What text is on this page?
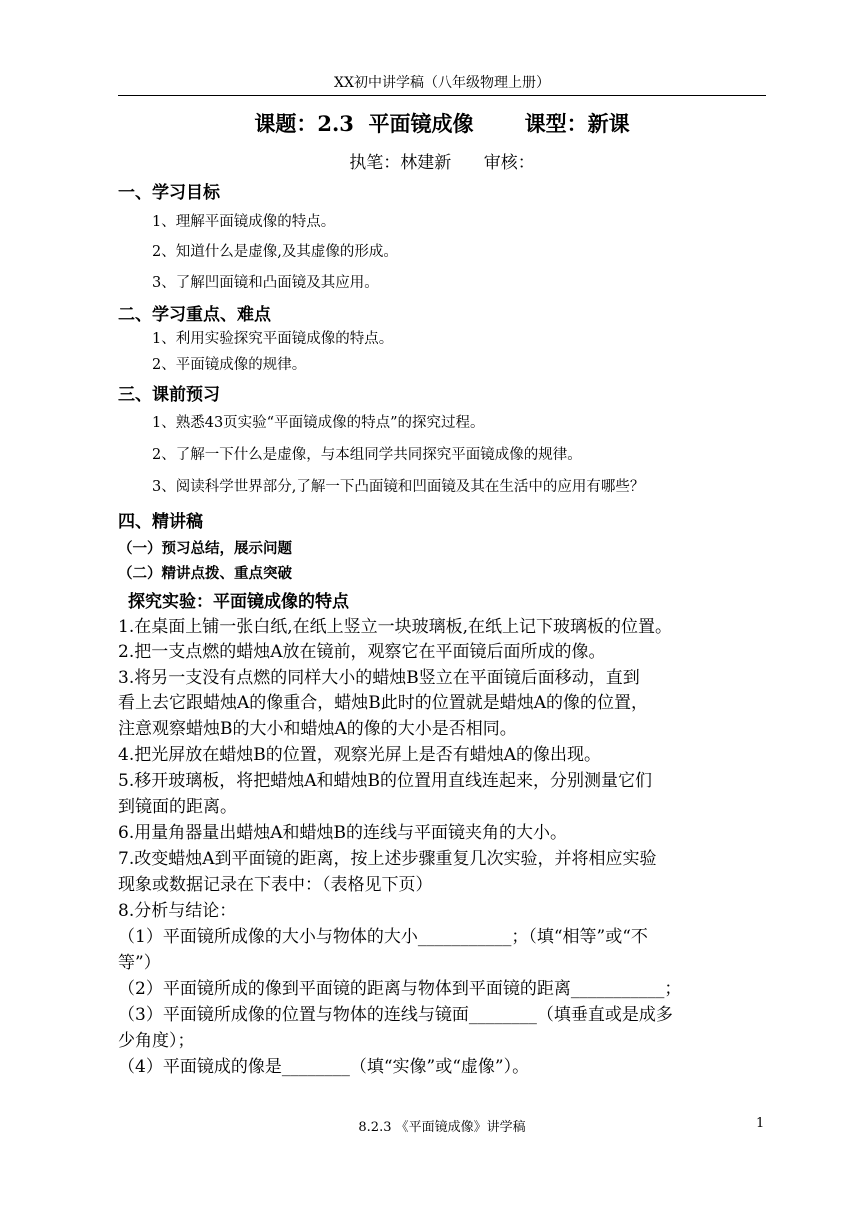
XX初中讲学稿（八年级物理上册）
课题：2.3  平面镜成像       课型：新课
执笔：林建新      审核：
一、学习目标
1、理解平面镜成像的特点。
2、知道什么是虚像,及其虚像的形成。
3、了解凹面镜和凸面镜及其应用。
二、学习重点、难点
1、利用实验探究平面镜成像的特点。
2、平面镜成像的规律。
三、课前预习
1、熟悉43页实验“平面镜成像的特点”的探究过程。
2、了解一下什么是虚像，与本组同学共同探究平面镜成像的规律。
3、阅读科学世界部分,了解一下凸面镜和凹面镜及其在生活中的应用有哪些？
四、精讲稿
（一）预习总结，展示问题
（二）精讲点拨、重点突破
探究实验：平面镜成像的特点
1.在桌面上铺一张白纸,在纸上竖立一块玻璃板,在纸上记下玻璃板的位置。
2.把一支点燃的蜡烛A放在镜前，观察它在平面镜后面所成的像。
3.将另一支没有点燃的同样大小的蜡烛B竖立在平面镜后面移动，直到
看上去它跟蜡烛A的像重合，蜡烛B此时的位置就是蜡烛A的像的位置，
注意观察蜡烛B的大小和蜡烛A的像的大小是否相同。
4.把光屏放在蜡烛B的位置，观察光屏上是否有蜡烛A的像出现。
5.移开玻璃板，将把蜡烛A和蜡烛B的位置用直线连起来，分别测量它们
到镜面的距离。
6.用量角器量出蜡烛A和蜡烛B的连线与平面镜夹角的大小。
7.改变蜡烛A到平面镜的距离，按上述步骤重复几次实验，并将相应实验
现象或数据记录在下表中：（表格见下页）
8.分析与结论：
（1）平面镜所成像的大小与物体的大小___________；（填“相等”或“不
等”）
（2）平面镜所成的像到平面镜的距离与物体到平面镜的距离___________；
（3）平面镜所成像的位置与物体的连线与镜面________（填垂直或是成多
少角度）；
（4）平面镜成的像是________（填“实像”或“虚像”）。
8.2.3 《平面镜成像》讲学稿	1
